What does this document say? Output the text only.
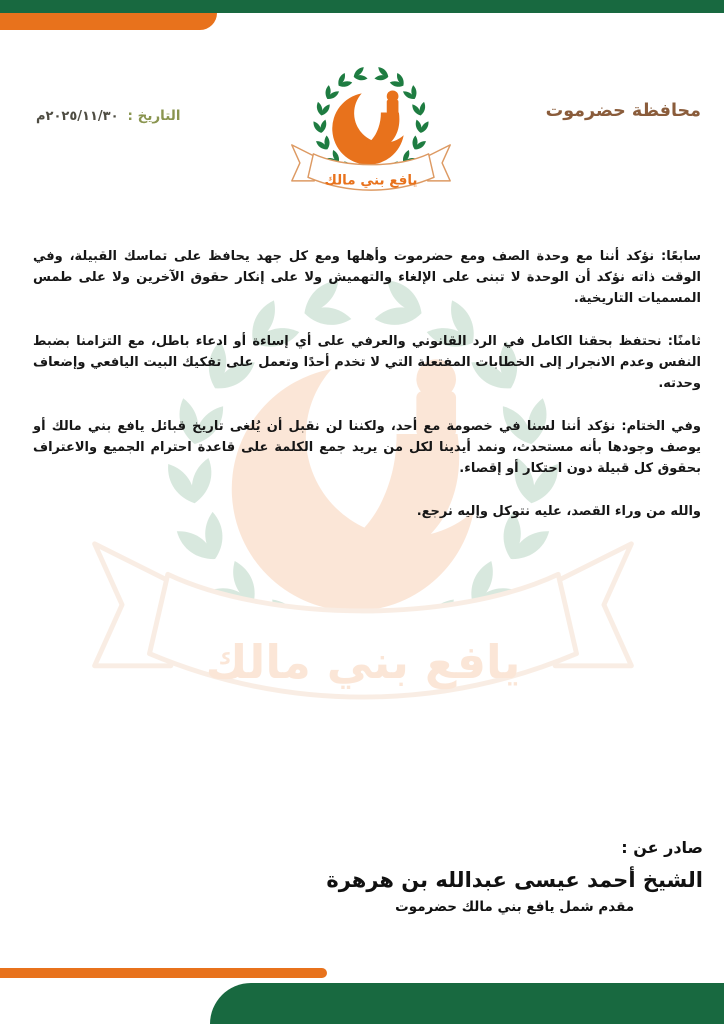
محافظة حضرموت
التاريخ :
٢٠٢٥/١١/٣٠م

سابعًا: نؤكد أننا مع وحدة الصف ومع حضرموت وأهلها ومع كل جهد يحافظ على تماسك القبيلة، وفي الوقت ذاته نؤكد أن الوحدة لا تبنى على الإلغاء والتهميش ولا على إنكار حقوق الآخرين ولا على طمس المسميات التاريخية.

ثامنًا: نحتفظ بحقنا الكامل في الرد القانوني والعرفي على أي إساءة أو ادعاء باطل، مع التزامنا بضبط النفس وعدم الانجرار إلى الخطابات المفتعلة التي لا تخدم أحدًا وتعمل على تفكيك البيت اليافعي وإضعاف وحدته.

وفي الختام: نؤكد أننا لسنا في خصومة مع أحد، ولكننا لن نقبل أن يُلغى تاريخ قبائل يافع بني مالك أو يوصف وجودها بأنه مستحدث، ونمد أيدينا لكل من يريد جمع الكلمة على قاعدة احترام الجميع والاعتراف بحقوق كل قبيلة دون احتكار أو إقصاء.

والله من وراء القصد، عليه نتوكل وإليه نرجع.

صادر عن :
الشيخ أحمد عيسى عبدالله بن هرهرة
مقدم شمل يافع بني مالك حضرموت
